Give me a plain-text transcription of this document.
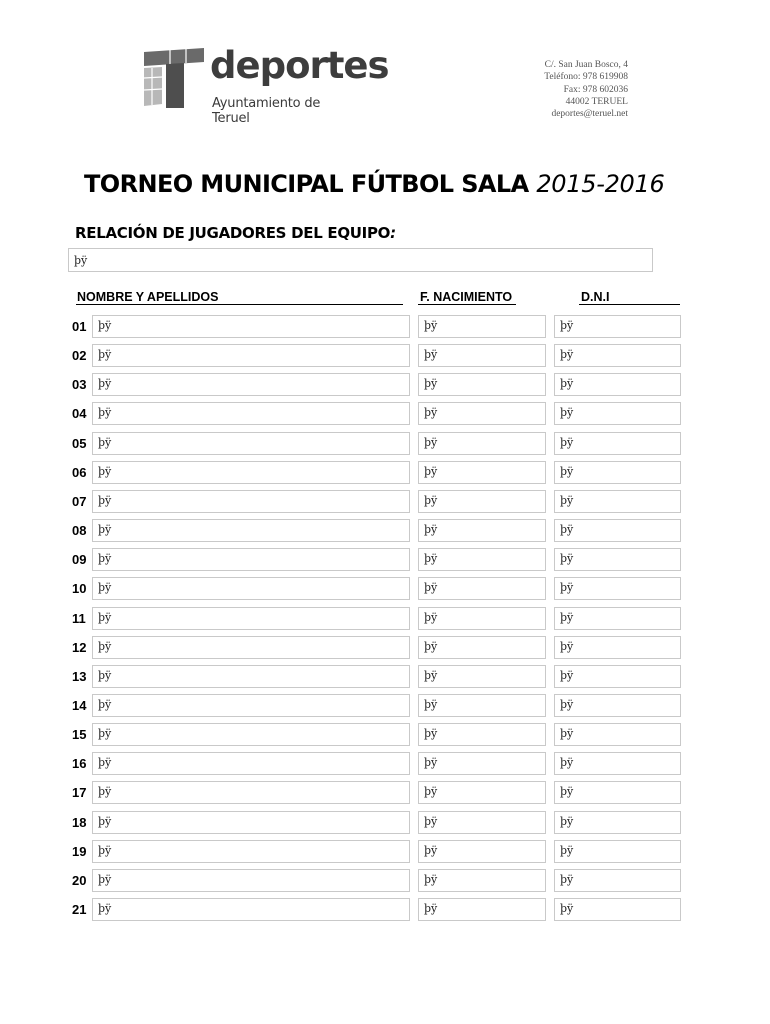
deportes
Ayuntamiento de Teruel
C/. San Juan Bosco, 4
Teléfono: 978 619908
Fax: 978 602036
44002 TERUEL
deportes@teruel.net
TORNEO MUNICIPAL FÚTBOL SALA 2015-2016
RELACIÓN DE JUGADORES DEL EQUIPO:
þÿ
NOMBRE Y APELLIDOS	F. NACIMIENTO	D.N.I
01	þÿ	þÿ	þÿ
02	þÿ	þÿ	þÿ
03	þÿ	þÿ	þÿ
04	þÿ	þÿ	þÿ
05	þÿ	þÿ	þÿ
06	þÿ	þÿ	þÿ
07	þÿ	þÿ	þÿ
08	þÿ	þÿ	þÿ
09	þÿ	þÿ	þÿ
10	þÿ	þÿ	þÿ
11	þÿ	þÿ	þÿ
12	þÿ	þÿ	þÿ
13	þÿ	þÿ	þÿ
14	þÿ	þÿ	þÿ
15	þÿ	þÿ	þÿ
16	þÿ	þÿ	þÿ
17	þÿ	þÿ	þÿ
18	þÿ	þÿ	þÿ
19	þÿ	þÿ	þÿ
20	þÿ	þÿ	þÿ
21	þÿ	þÿ	þÿ
